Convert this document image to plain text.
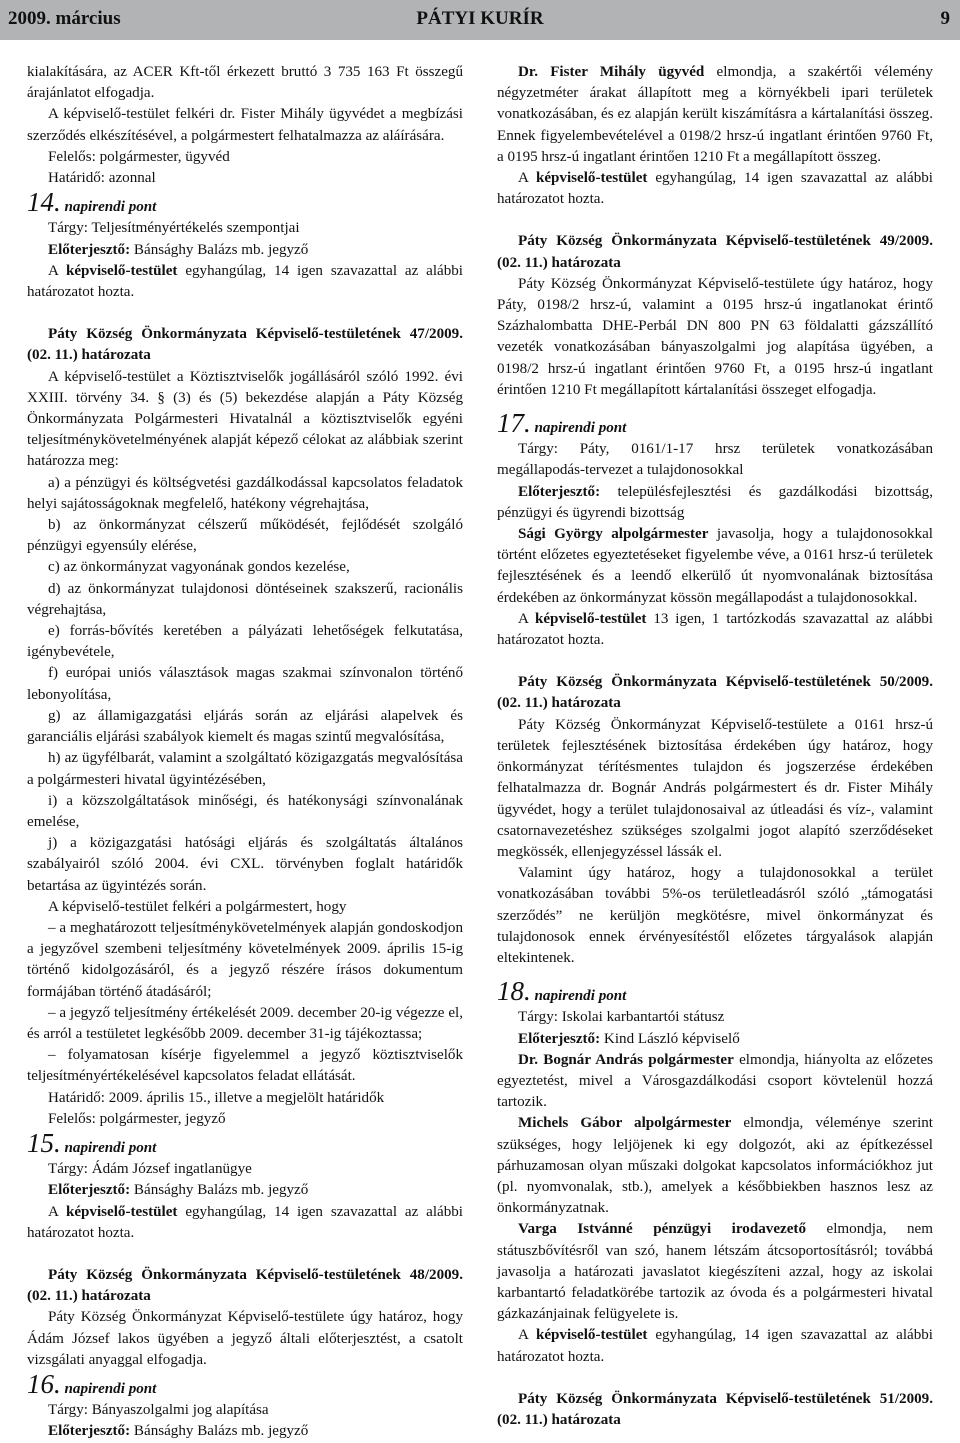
PÁTYI KURÍR
2009. március	9

kialakítására, az ACER Kft-től érkezett bruttó 3 735 163 Ft összegű árajánlatot elfogadja.

A képviselő-testület felkéri dr. Fister Mihály ügyvédet a megbízási szerződés elkészítésével, a polgármestert felhatalmazza az aláírására.

Felelős: polgármester, ügyvéd

Határidő: azonnal

14. napirendi pont

Tárgy: Teljesítményértékelés szempontjai

Előterjesztő: Bánsághy Balázs mb. jegyző

A képviselő-testület egyhangúlag, 14 igen szavazattal az alábbi határozatot hozta.

Páty Község Önkormányzata Képviselő-testületének 47/2009. (02. 11.) határozata

A képviselő-testület a Köztisztviselők jogállásáról szóló 1992. évi XXIII. törvény 34. § (3) és (5) bekezdése alapján a Páty Község Önkormányzata Polgármesteri Hivatalnál a köztisztviselők egyéni teljesítménykövetelményének alapját képező célokat az alábbiak szerint határozza meg:

a) a pénzügyi és költségvetési gazdálkodással kapcsolatos feladatok helyi sajátosságoknak megfelelő, hatékony végrehajtása,

b) az önkormányzat célszerű működését, fejlődését szolgáló pénzügyi egyensúly elérése,

c) az önkormányzat vagyonának gondos kezelése,

d) az önkormányzat tulajdonosi döntéseinek szakszerű, racionális végrehajtása,

e) forrás-bővítés keretében a pályázati lehetőségek felkutatása, igénybevétele,

f) európai uniós választások magas szakmai színvonalon történő lebonyolítása,

g) az államigazgatási eljárás során az eljárási alapelvek és garanciális eljárási szabályok kiemelt és magas szintű megvalósítása,

h) az ügyfélbarát, valamint a szolgáltató közigazgatás megvalósítása a polgármesteri hivatal ügyintézésében,

i) a közszolgáltatások minőségi, és hatékonysági színvonalának emelése,

j) a közigazgatási hatósági eljárás és szolgáltatás általános szabályairól szóló 2004. évi CXL. törvényben foglalt határidők betartása az ügyintézés során.

A képviselő-testület felkéri a polgármestert, hogy

– a meghatározott teljesítménykövetelmények alapján gondoskodjon a jegyzővel szembeni teljesítmény követelmények 2009. április 15-ig történő kidolgozásáról, és a jegyző részére írásos dokumentum formájában történő átadásáról;

– a jegyző teljesítmény értékelését 2009. december 20-ig végezze el, és arról a testületet legkésőbb 2009. december 31-ig tájékoztassa;

– folyamatosan kísérje figyelemmel a jegyző köztisztviselők teljesítményértékelésével kapcsolatos feladat ellátását.

Határidő: 2009. április 15., illetve a megjelölt határidők

Felelős: polgármester, jegyző

15. napirendi pont

Tárgy: Ádám József ingatlanügye

Előterjesztő: Bánsághy Balázs mb. jegyző

A képviselő-testület egyhangúlag, 14 igen szavazattal az alábbi határozatot hozta.

Páty Község Önkormányzata Képviselő-testületének 48/2009. (02. 11.) határozata

Páty Község Önkormányzat Képviselő-testülete úgy határoz, hogy Ádám József lakos ügyében a jegyző általi előterjesztést, a csatolt vizsgálati anyaggal elfogadja.

16. napirendi pont

Tárgy: Bányaszolgalmi jog alapítása

Előterjesztő: Bánsághy Balázs mb. jegyző

Dr. Fister Mihály ügyvéd elmondja, a szakértői vélemény négyzetméter árakat állapított meg a környékbeli ipari területek vonatkozásában, és ez alapján került kiszámításra a kártalanítási összeg. Ennek figyelembevételével a 0198/2 hrsz-ú ingatlant érintően 9760 Ft, a 0195 hrsz-ú ingatlant érintően 1210 Ft a megállapított összeg.

A képviselő-testület egyhangúlag, 14 igen szavazattal az alábbi határozatot hozta.

Páty Község Önkormányzata Képviselő-testületének 49/2009. (02. 11.) határozata

Páty Község Önkormányzat Képviselő-testülete úgy határoz, hogy Páty, 0198/2 hrsz-ú, valamint a 0195 hrsz-ú ingatlanokat érintő Százhalombatta DHE-Perbál DN 800 PN 63 földalatti gázszállító vezeték vonatkozásában bányaszolgalmi jog alapítása ügyében, a 0198/2 hrsz-ú ingatlant érintően 9760 Ft, a 0195 hrsz-ú ingatlant érintően 1210 Ft megállapított kártalanítási összeget elfogadja.

17. napirendi pont

Tárgy: Páty, 0161/1-17 hrsz területek vonatkozásában megállapodás-tervezet a tulajdonosokkal

Előterjesztő: településfejlesztési és gazdálkodási bizottság, pénzügyi és ügyrendi bizottság

Sági György alpolgármester javasolja, hogy a tulajdonosokkal történt előzetes egyeztetéseket figyelembe véve, a 0161 hrsz-ú területek fejlesztésének és a leendő elkerülő út nyomvonalának biztosítása érdekében az önkormányzat kössön megállapodást a tulajdonosokkal.

A képviselő-testület 13 igen, 1 tartózkodás szavazattal az alábbi határozatot hozta.

Páty Község Önkormányzata Képviselő-testületének 50/2009. (02. 11.) határozata

Páty Község Önkormányzat Képviselő-testülete a 0161 hrsz-ú területek fejlesztésének biztosítása érdekében úgy határoz, hogy önkormányzat térítésmentes tulajdon és jogszerzése érdekében felhatalmazza dr. Bognár András polgármestert és dr. Fister Mihály ügyvédet, hogy a terület tulajdonosaival az útleadási és víz-, valamint csatornavezetéshez szükséges szolgalmi jogot alapító szerződéseket megkössék, ellenjegyzéssel lássák el.

Valamint úgy határoz, hogy a tulajdonosokkal a terület vonatkozásában további 5%-os területleadásról szóló „támogatási szerződés” ne kerüljön megkötésre, mivel önkormányzat és tulajdonosok ennek érvényesítéstől előzetes tárgyalások alapján eltekintenek.

18. napirendi pont

Tárgy: Iskolai karbantartói státusz

Előterjesztő: Kind László képviselő

Dr. Bognár András polgármester elmondja, hiányolta az előzetes egyeztetést, mivel a Városgazdálkodási csoport kövtelenül hozzá tartozik.

Michels Gábor alpolgármester elmondja, véleménye szerint szükséges, hogy leljöjenek ki egy dolgozót, aki az építkezéssel párhuzamosan olyan műszaki dolgokat kapcsolatos információkhoz jut (pl. nyomvonalak, stb.), amelyek a későbbiekben hasznos lesz az önkormányzatnak.

Varga Istvánné pénzügyi irodavezető elmondja, nem státuszbővítésről van szó, hanem létszám átcsoportosításról; továbbá javasolja a határozati javaslatot kiegészíteni azzal, hogy az iskolai karbantartó feladatkörébe tartozik az óvoda és a polgármesteri hivatal gázkazánjainak felügyelete is.

A képviselő-testület egyhangúlag, 14 igen szavazattal az alábbi határozatot hozta.

Páty Község Önkormányzata Képviselő-testületének 51/2009. (02. 11.) határozata
